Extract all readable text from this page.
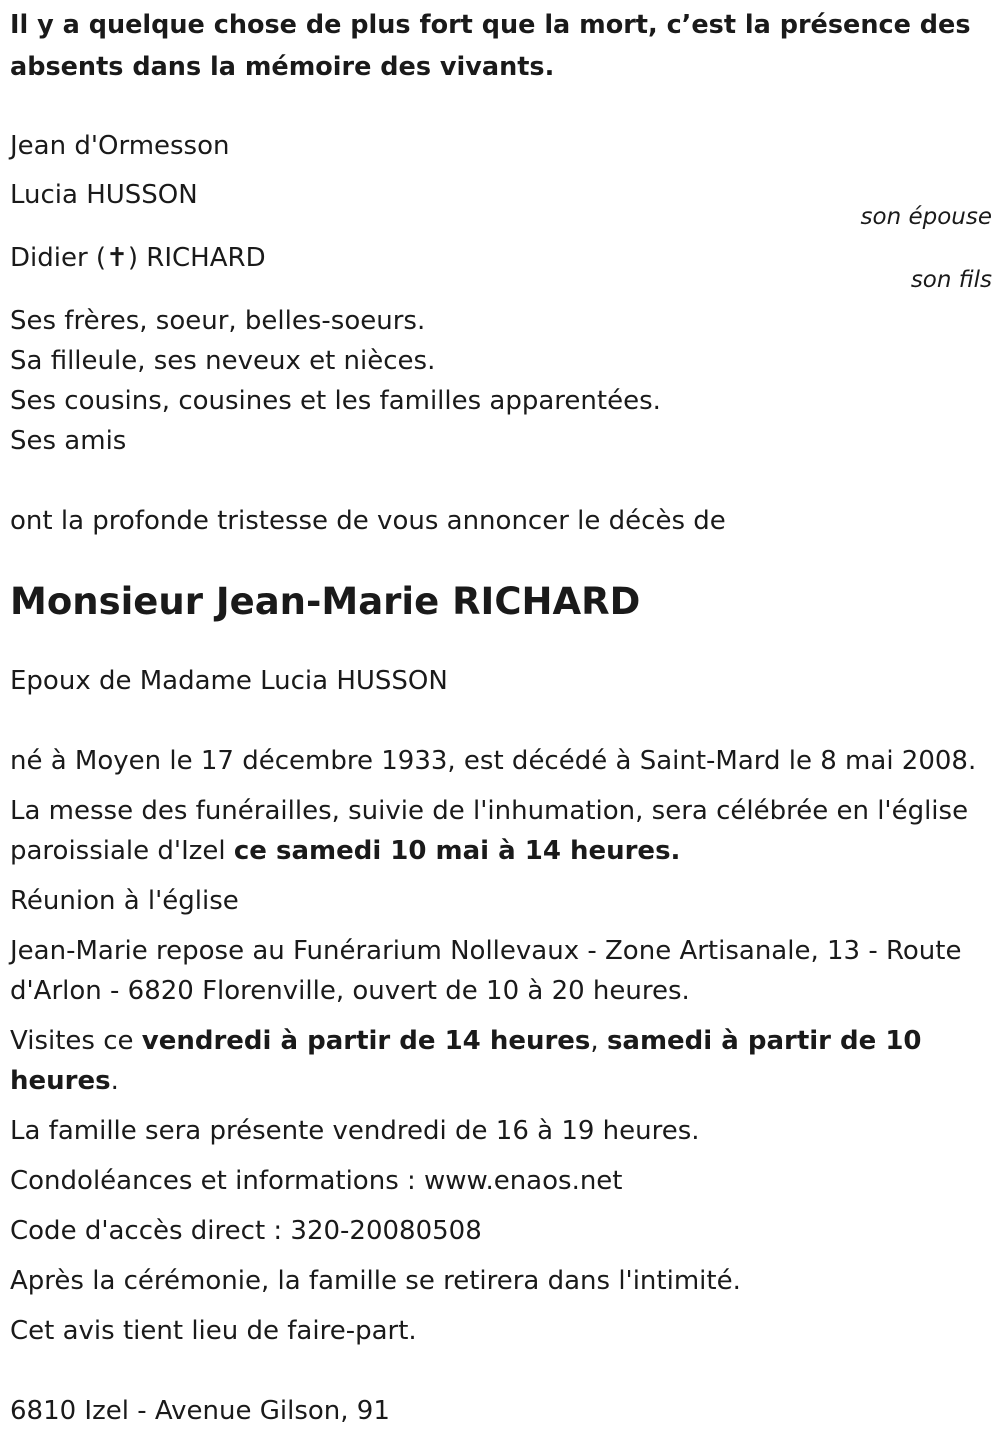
Il y a quelque chose de plus fort que la mort, c’est la présence des

absents dans la mémoire des vivants.

Jean d'Ormesson

Lucia HUSSON
son épouse
Didier (✝) RICHARD
son fils

Ses frères, soeur, belles-soeurs.

Sa filleule, ses neveux et nièces.

Ses cousins, cousines et les familles apparentées.

Ses amis

ont la profonde tristesse de vous annoncer le décès de

Monsieur Jean-Marie RICHARD

Epoux de Madame Lucia HUSSON

né à Moyen le 17 décembre 1933, est décédé à Saint-Mard le 8 mai 2008.

La messe des funérailles, suivie de l'inhumation, sera célébrée en l'église

paroissiale d'Izel ce samedi 10 mai à 14 heures.

Réunion à l'église

Jean-Marie repose au Funérarium Nollevaux - Zone Artisanale, 13 - Route

d'Arlon - 6820 Florenville, ouvert de 10 à 20 heures.

Visites ce vendredi à partir de 14 heures, samedi à partir de 10 heures.

La famille sera présente vendredi de 16 à 19 heures.

Condoléances et informations : www.enaos.net

Code d'accès direct : 320-20080508

Après la cérémonie, la famille se retirera dans l'intimité.

Cet avis tient lieu de faire-part.

6810 Izel - Avenue Gilson, 91
